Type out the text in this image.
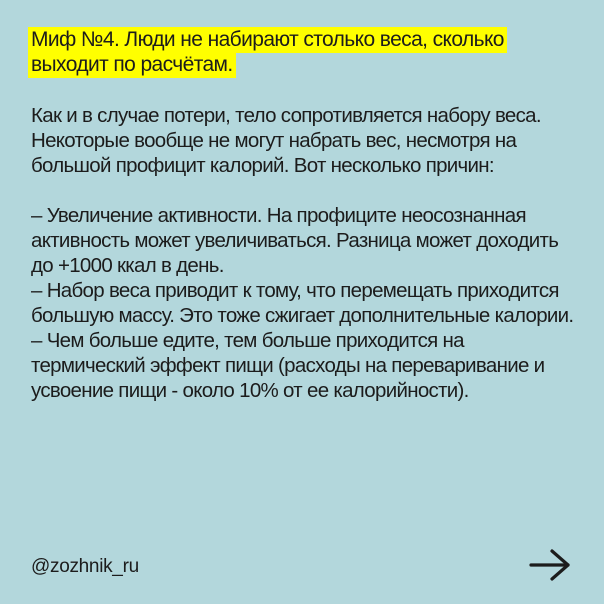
Миф №4. Люди не набирают столько веса, сколько выходит по расчётам.

Как и в случае потери, тело сопротивляется набору веса. Некоторые вообще не могут набрать вес, несмотря на большой профицит калорий. Вот несколько причин:

– Увеличение активности. На профиците неосознанная активность может увеличиваться. Разница может доходить до +1000 ккал в день.

– Набор веса приводит к тому, что перемещать приходится большую массу. Это тоже сжигает дополнительные калории.

– Чем больше едите, тем больше приходится на термический эффект пищи (расходы на переваривание и усвоение пищи - около 10% от ее калорийности).

@zozhnik_ru
